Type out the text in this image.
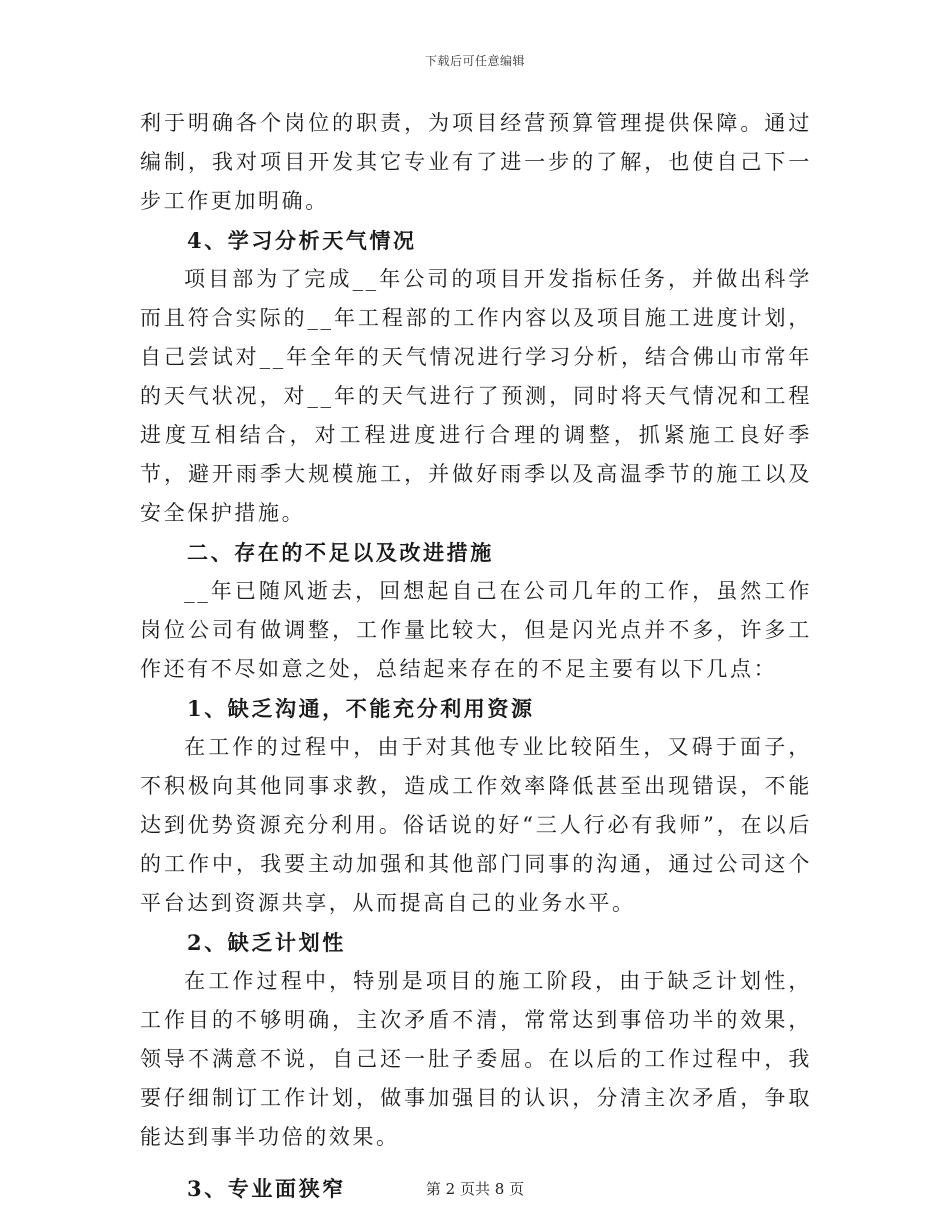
下载后可任意编辑

利于明确各个岗位的职责，为项目经营预算管理提供保障。通过编制，我对项目开发其它专业有了进一步的了解，也使自己下一步工作更加明确。

4、学习分析天气情况

项目部为了完成__年公司的项目开发指标任务，并做出科学而且符合实际的__年工程部的工作内容以及项目施工进度计划，自己尝试对__年全年的天气情况进行学习分析，结合佛山市常年的天气状况，对__年的天气进行了预测，同时将天气情况和工程进度互相结合，对工程进度进行合理的调整，抓紧施工良好季节，避开雨季大规模施工，并做好雨季以及高温季节的施工以及安全保护措施。

二、存在的不足以及改进措施

__年已随风逝去，回想起自己在公司几年的工作，虽然工作岗位公司有做调整，工作量比较大，但是闪光点并不多，许多工作还有不尽如意之处，总结起来存在的不足主要有以下几点：

1、缺乏沟通，不能充分利用资源

在工作的过程中，由于对其他专业比较陌生，又碍于面子，不积极向其他同事求教，造成工作效率降低甚至出现错误，不能达到优势资源充分利用。俗话说的好“三人行必有我师”，在以后的工作中，我要主动加强和其他部门同事的沟通，通过公司这个平台达到资源共享，从而提高自己的业务水平。

2、缺乏计划性

在工作过程中，特别是项目的施工阶段，由于缺乏计划性，工作目的不够明确，主次矛盾不清，常常达到事倍功半的效果，领导不满意不说，自己还一肚子委屈。在以后的工作过程中，我要仔细制订工作计划，做事加强目的认识，分清主次矛盾，争取能达到事半功倍的效果。

3、专业面狭窄	第 2 页共 8 页
